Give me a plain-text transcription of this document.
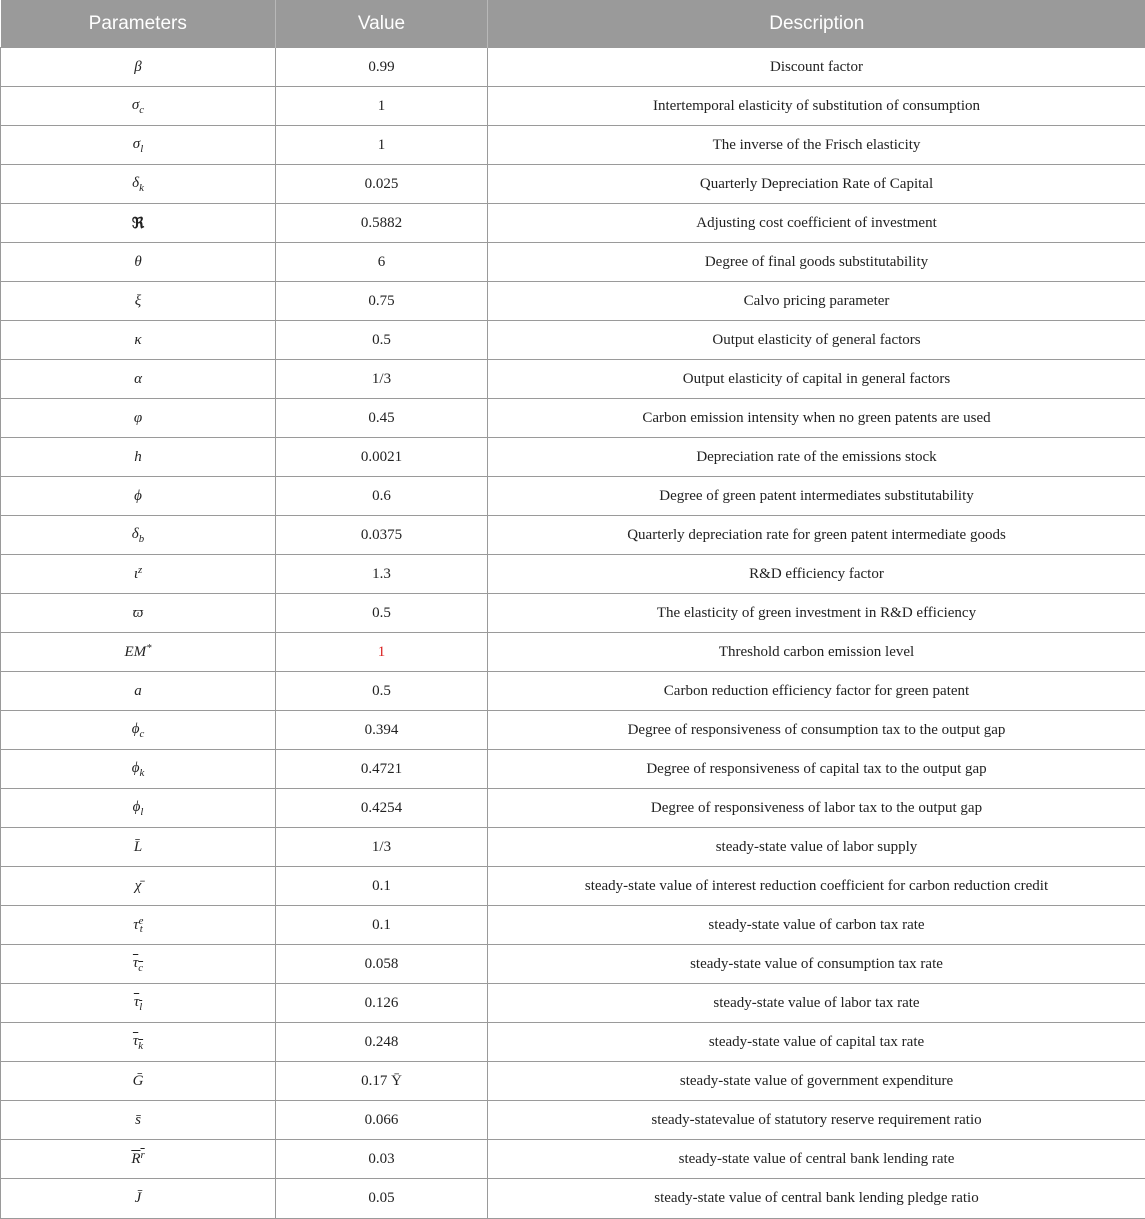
Parameters	Value	Description
β	0.99	Discount factor
$\sigma_c$	1	Intertemporal elasticity of substitution of consumption
$\sigma_l$	1	The inverse of the Frisch elasticity
$\delta_k$	0.025	Quarterly Depreciation Rate of Capital
ℜ	0.5882	Adjusting cost coefficient of investment
θ	6	Degree of final goods substitutability
ξ	0.75	Calvo pricing parameter
κ	0.5	Output elasticity of general factors
α	1/3	Output elasticity of capital in general factors
φ	0.45	Carbon emission intensity when no green patents are used
h	0.0021	Depreciation rate of the emissions stock
ϕ	0.6	Degree of green patent intermediates substitutability
$\delta_b$	0.0375	Quarterly depreciation rate for green patent intermediate goods
$\iota^z$	1.3	R&D efficiency factor
ϖ	0.5	The elasticity of green investment in R&D efficiency
EM*	1	Threshold carbon emission level
a	0.5	Carbon reduction efficiency factor for green patent
$\phi_c$	0.394	Degree of responsiveness of consumption tax to the output gap
$\phi_k$	0.4721	Degree of responsiveness of capital tax to the output gap
$\phi_l$	0.4254	Degree of responsiveness of labor tax to the output gap
L̄	1/3	steady-state value of labor supply
χ̄	0.1	steady-state value of interest reduction coefficient for carbon reduction credit
$\tau^e_t$	0.1	steady-state value of carbon tax rate
$\tau_c$	0.058	steady-state value of consumption tax rate
$\tau_l$	0.126	steady-state value of labor tax rate
$\tau_k$	0.248	steady-state value of capital tax rate
Ḡ	0.17 Ȳ	steady-state value of government expenditure
s̄	0.066	steady-statevalue of statutory reserve requirement ratio
$R^r$	0.03	steady-state value of central bank lending rate
J̄	0.05	steady-state value of central bank lending pledge ratio
